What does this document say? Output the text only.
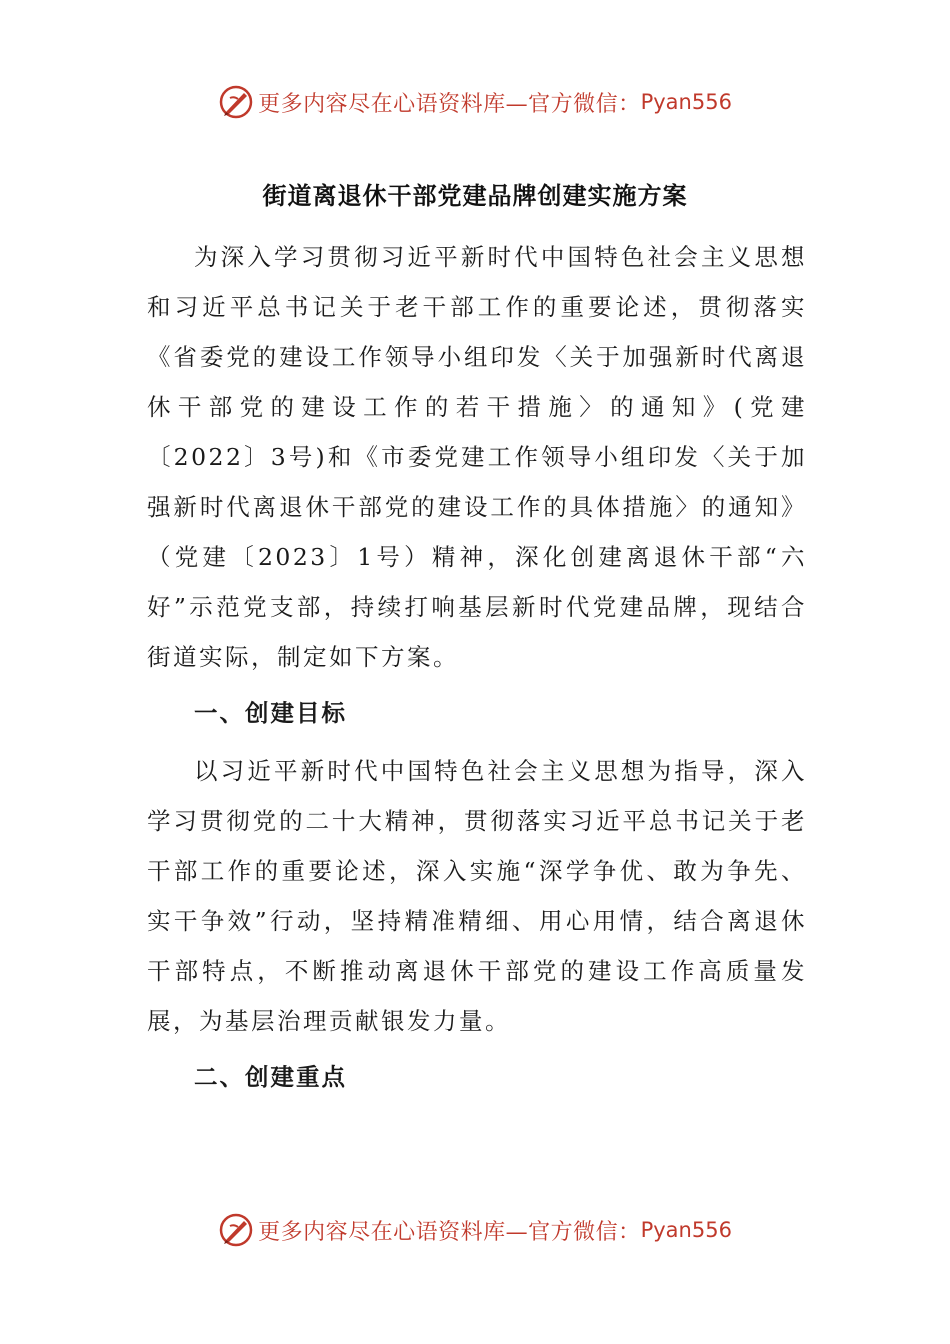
更多内容尽在心语资料库—官方微信： Pyan556
街道离退休干部党建品牌创建实施方案

为深入学习贯彻习近平新时代中国特色社会主义思想和习近平总书记关于老干部工作的重要论述，贯彻落实《省委党的建设工作领导小组印发〈关于加强新时代离退休干部党的建设工作的若干措施〉的通知》(党建〔2022〕3号)和《市委党建工作领导小组印发〈关于加强新时代离退休干部党的建设工作的具体措施〉的通知》（党建〔2023〕1号）精神，深化创建离退休干部“六好”示范党支部，持续打响基层新时代党建品牌，现结合街道实际，制定如下方案。

一、创建目标

以习近平新时代中国特色社会主义思想为指导，深入学习贯彻党的二十大精神，贯彻落实习近平总书记关于老干部工作的重要论述，深入实施“深学争优、敢为争先、实干争效”行动，坚持精准精细、用心用情，结合离退休干部特点，不断推动离退休干部党的建设工作高质量发展，为基层治理贡献银发力量。

二、创建重点

更多内容尽在心语资料库—官方微信： Pyan556
